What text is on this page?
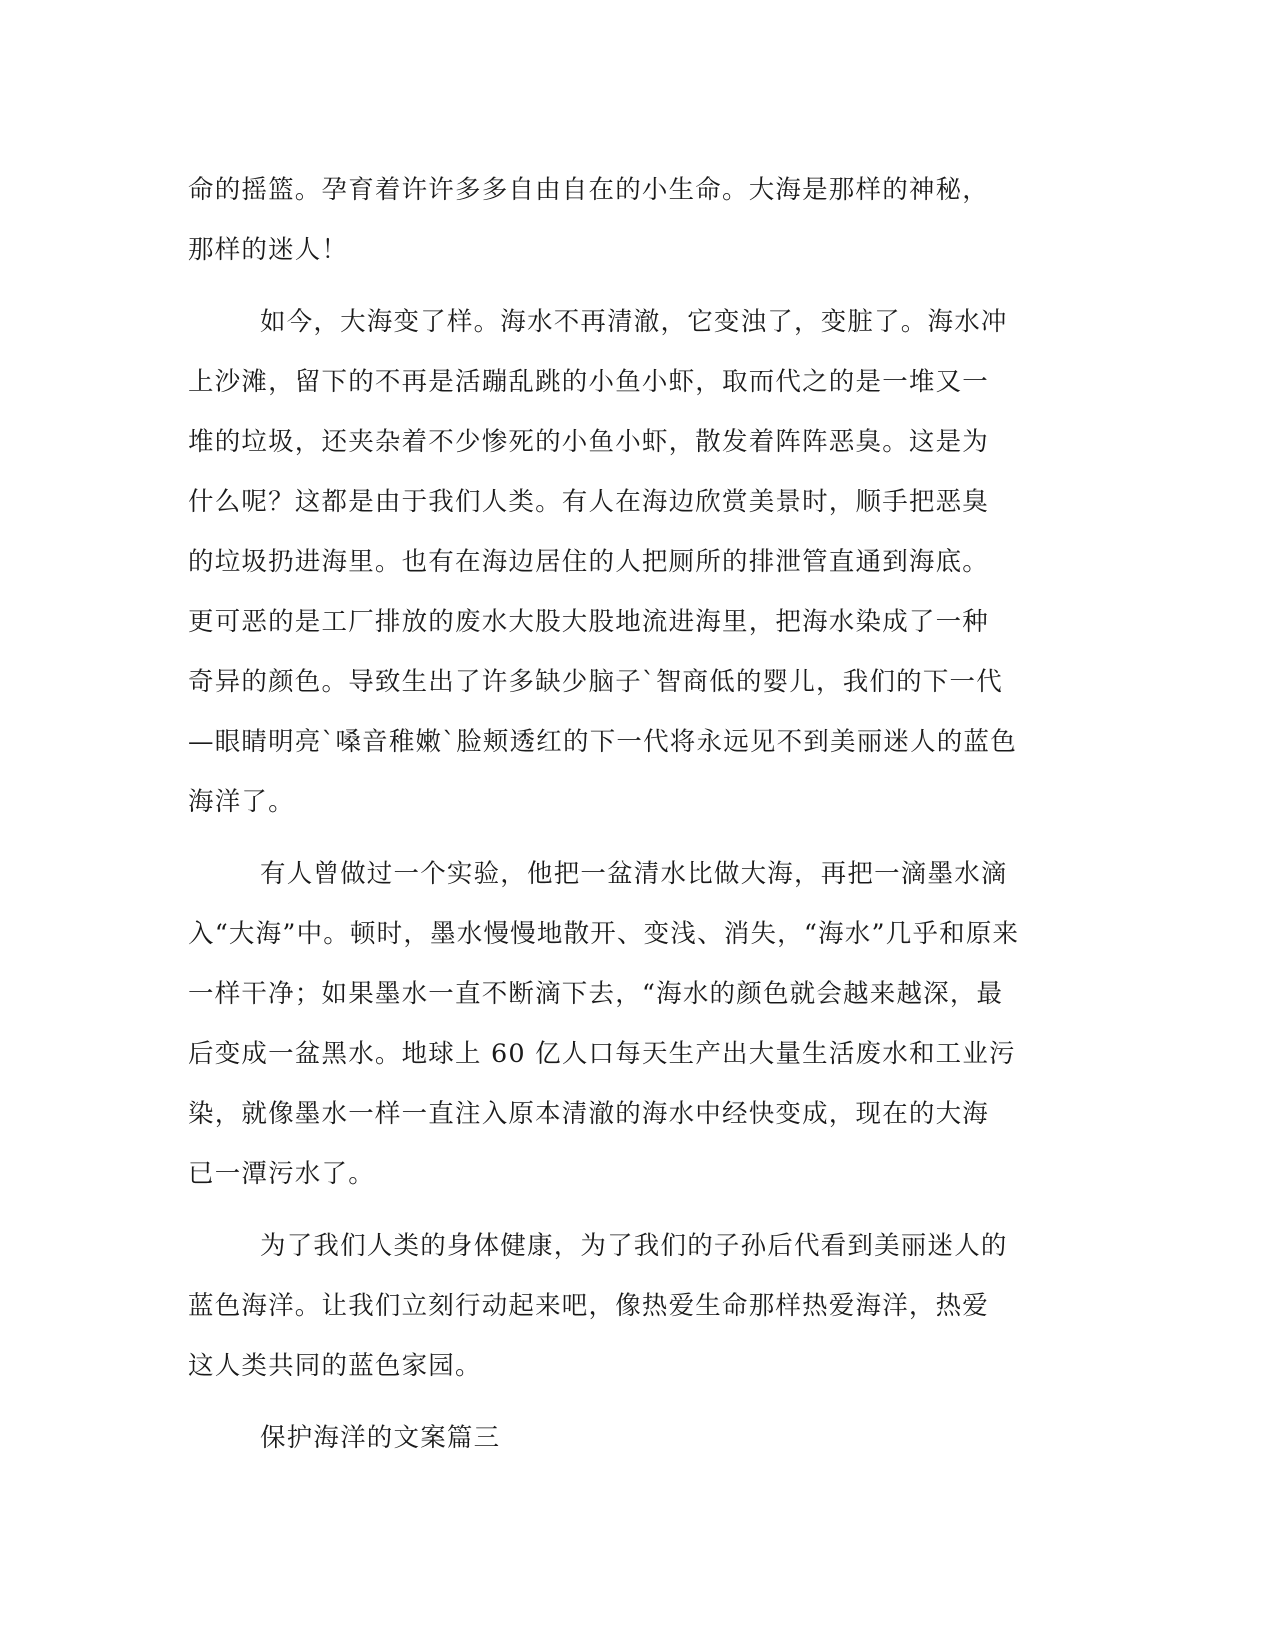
命的摇篮。孕育着许许多多自由自在的小生命。大海是那样的神秘，
那样的迷人！
如今，大海变了样。海水不再清澈，它变浊了，变脏了。海水冲
上沙滩，留下的不再是活蹦乱跳的小鱼小虾，取而代之的是一堆又一
堆的垃圾，还夹杂着不少惨死的小鱼小虾，散发着阵阵恶臭。这是为
什么呢？这都是由于我们人类。有人在海边欣赏美景时，顺手把恶臭
的垃圾扔进海里。也有在海边居住的人把厕所的排泄管直通到海底。
更可恶的是工厂排放的废水大股大股地流进海里，把海水染成了一种
奇异的颜色。导致生出了许多缺少脑子`智商低的婴儿，我们的下一代
—眼睛明亮`嗓音稚嫩`脸颊透红的下一代将永远见不到美丽迷人的蓝色
海洋了。
有人曾做过一个实验，他把一盆清水比做大海，再把一滴墨水滴
入“大海”中。顿时，墨水慢慢地散开、变浅、消失，“海水”几乎和原来
一样干净；如果墨水一直不断滴下去，“海水的颜色就会越来越深，最
后变成一盆黑水。地球上 60 亿人口每天生产出大量生活废水和工业污
染，就像墨水一样一直注入原本清澈的海水中经快变成，现在的大海
已一潭污水了。
为了我们人类的身体健康，为了我们的子孙后代看到美丽迷人的
蓝色海洋。让我们立刻行动起来吧，像热爱生命那样热爱海洋，热爱
这人类共同的蓝色家园。
保护海洋的文案篇三
